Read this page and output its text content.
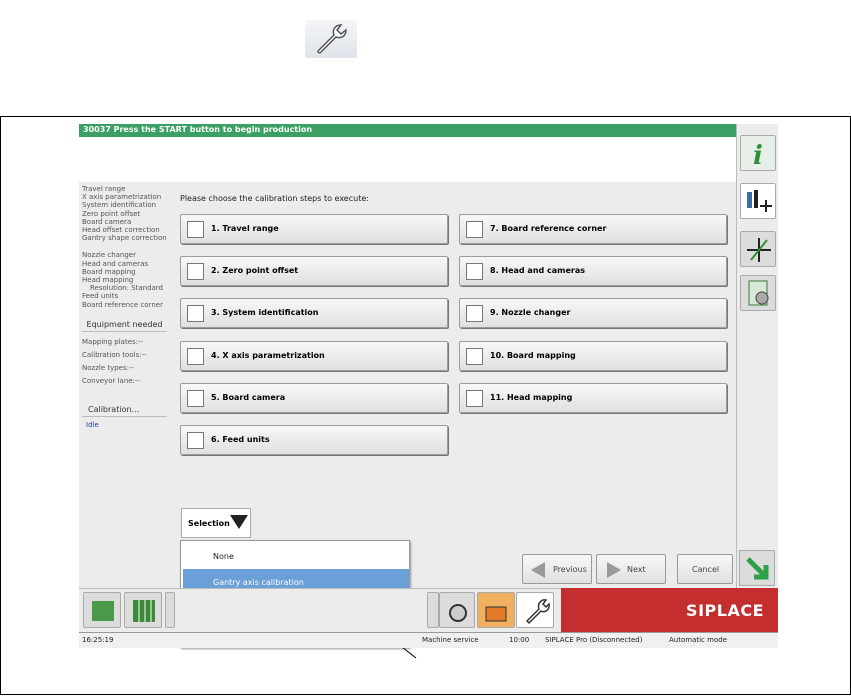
30037 Press the START button to begin production
Travel range
X axis parametrization
System identification
Zero point offset
Board camera
Head offset correction
Gantry shape correction
Nozzle changer
Head and cameras
Board mapping
Head mapping
Resolution: Standard
Feed units
Board reference corner
Equipment needed
Mapping plates:--
Calibration tools:--
Nozzle types:--
Conveyor lane:--
Calibration...
Idle
Please choose the calibration steps to execute:
1. Travel range
2. Zero point offset
3. System identification
4. X axis parametrization
5. Board camera
6. Feed units
7. Board reference corner
8. Head and cameras
9. Nozzle changer
10. Board mapping
11. Head mapping
i
Selection
None
Gantry axis calibration
Previous	Next	Cancel
SIPLACE
16:25:19	Machine service	10:00 SIPLACE Pro (Disconnected)	Automatic mode
